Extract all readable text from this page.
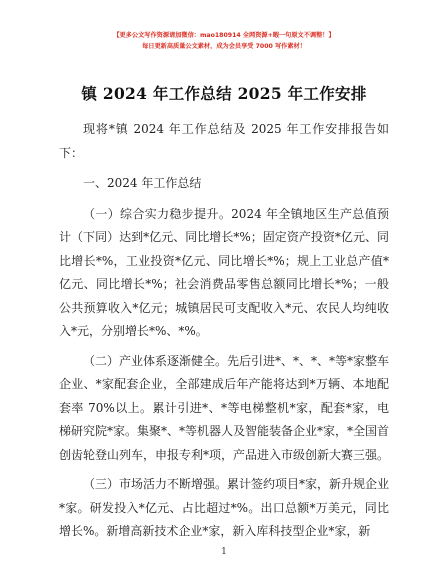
【更多公文写作资源请加微信：mao180914 全网资源+暇一句原文不调整！】
每日更新高质量公文素材，成为会员享受 7000 写作素材！
镇 2024 年工作总结 2025 年工作安排

现将*镇 2024 年工作总结及 2025 年工作安排报告如下：

一、2024 年工作总结

（一）综合实力稳步提升。2024 年全镇地区生产总值预计（下同）达到*亿元、同比增长*%；固定资产投资*亿元、同比增长*%，工业投资*亿元、同比增长*%；规上工业总产值*亿元、同比增长*%；社会消费品零售总额同比增长*%；一般公共预算收入*亿元；城镇居民可支配收入*元、农民人均纯收入*元，分别增长*%、*%。

（二）产业体系逐渐健全。先后引进*、*、*、*等*家整车企业、*家配套企业，全部建成后年产能将达到*万辆、本地配套率 70%以上。累计引进*、*等电梯整机*家，配套*家，电梯研究院*家。集聚*、*等机器人及智能装备企业*家，*全国首创齿轮登山列车，申报专利*项，产品进入市级创新大赛三强。

（三）市场活力不断增强。累计签约项目*家，新升规企业*家。研发投入*亿元、占比超过*%。出口总额*万美元，同比增长%。新增高新技术企业*家，新入库科技型企业*家，新

1
